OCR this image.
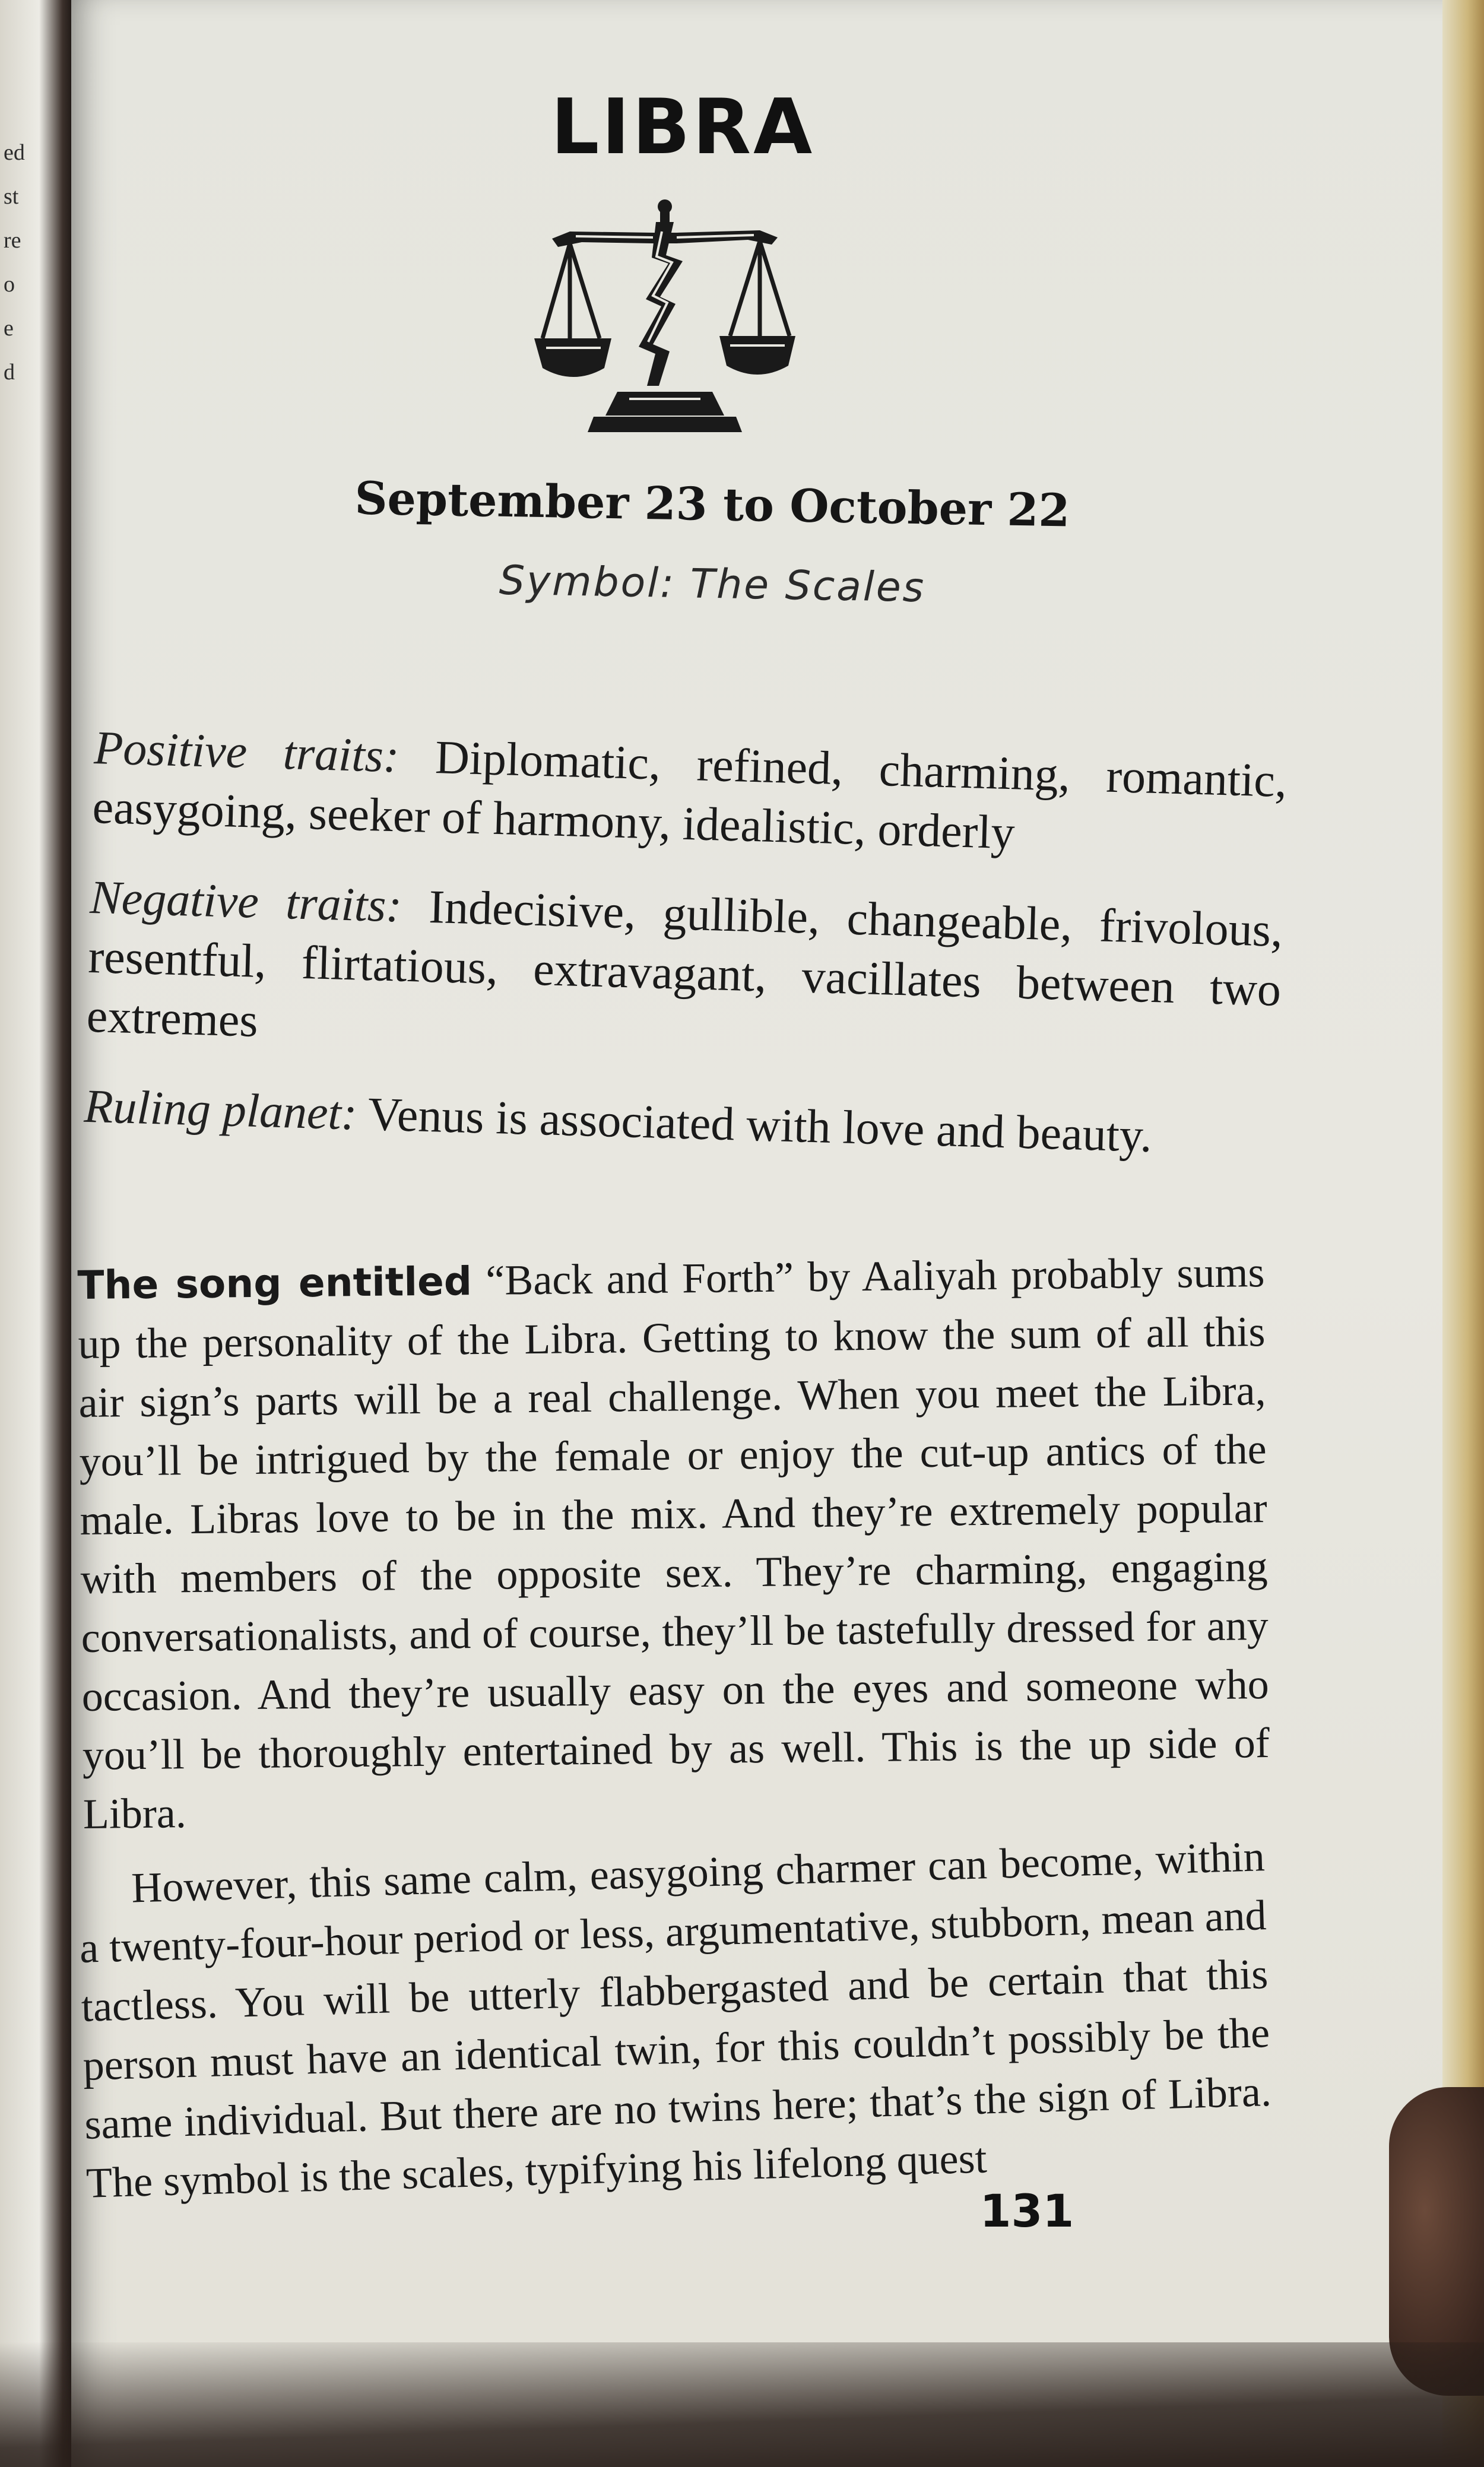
ed
st
re
o
e
d
LIBRA
September 23 to October 22
Symbol: The Scales

Positive traits: Diplomatic, refined, charming, romantic, easygoing, seeker of harmony, idealistic, orderly

Negative traits: Indecisive, gullible, changeable, frivolous, resentful, flirtatious, extravagant, vacillates between two extremes

Ruling planet: Venus is associated with love and beauty.

The song entitled “Back and Forth” by Aaliyah probably sums up the personality of the Libra. Getting to know the sum of all this air sign’s parts will be a real challenge. When you meet the Libra, you’ll be intrigued by the female or enjoy the cut-up antics of the male. Libras love to be in the mix. And they’re extremely popular with members of the opposite sex. They’re charming, engaging conversationalists, and of course, they’ll be tastefully dressed for any occasion. And they’re usually easy on the eyes and someone who you’ll be thoroughly entertained by as well. This is the up side of Libra.

However, this same calm, easygoing charmer can become, within a twenty-four-hour period or less, argumentative, stubborn, mean and tactless. You will be utterly flabbergasted and be certain that this person must have an identical twin, for this couldn’t possibly be the same individual. But there are no twins here; that’s the sign of Libra. The symbol is the scales, typifying his lifelong quest

131
